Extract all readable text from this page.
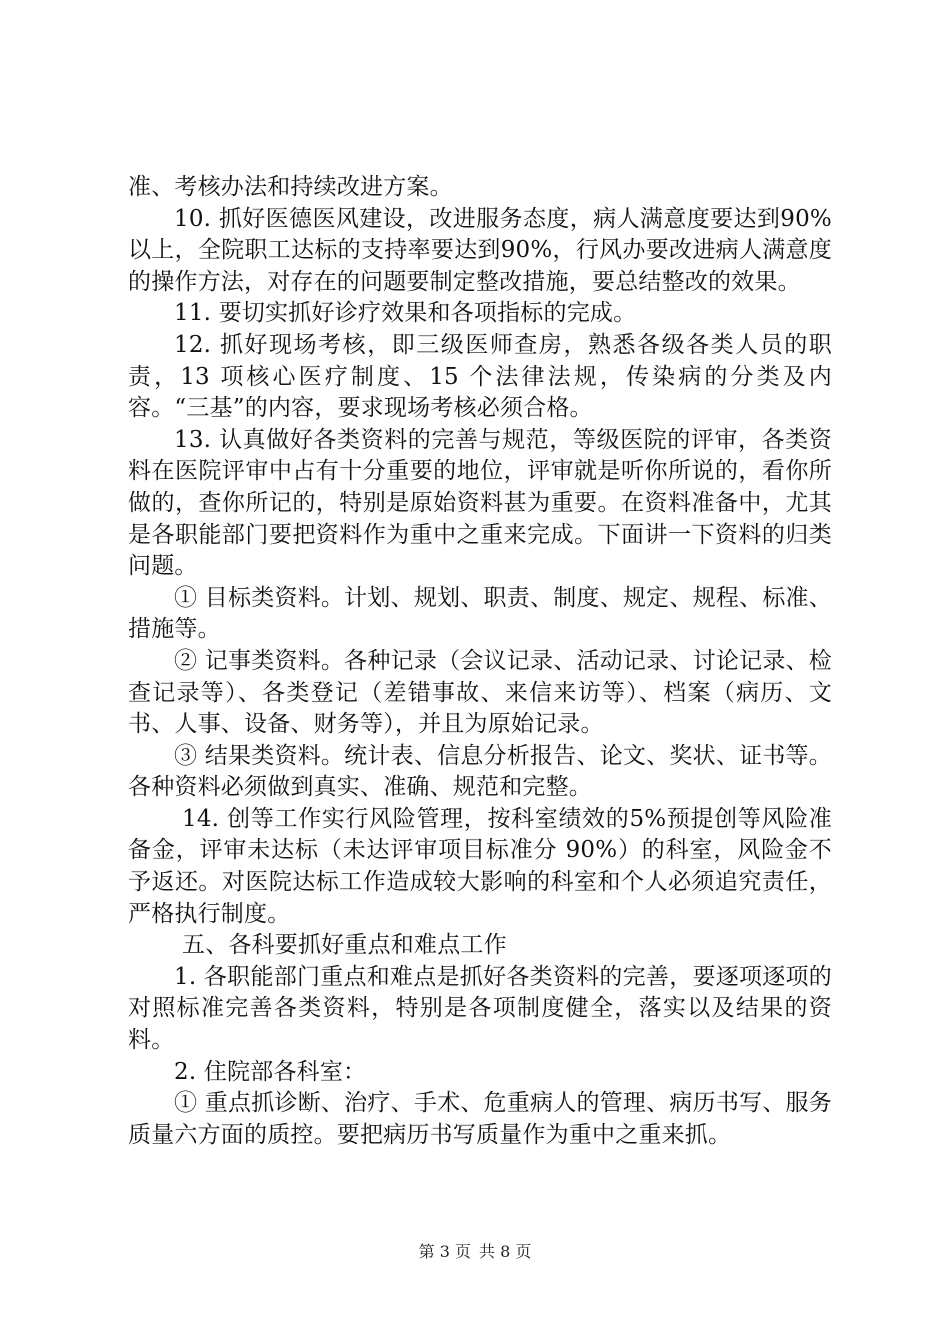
准、考核办法和持续改进方案。

10. 抓好医德医风建设，改进服务态度，病人满意度要达到90%以上，全院职工达标的支持率要达到90%，行风办要改进病人满意度的操作方法，对存在的问题要制定整改措施，要总结整改的效果。

11. 要切实抓好诊疗效果和各项指标的完成。

12. 抓好现场考核，即三级医师查房，熟悉各级各类人员的职责，13 项核心医疗制度、15 个法律法规，传染病的分类及内容。“三基”的内容，要求现场考核必须合格。

13. 认真做好各类资料的完善与规范，等级医院的评审，各类资料在医院评审中占有十分重要的地位，评审就是听你所说的，看你所做的，查你所记的，特别是原始资料甚为重要。在资料准备中，尤其是各职能部门要把资料作为重中之重来完成。下面讲一下资料的归类问题。

① 目标类资料。计划、规划、职责、制度、规定、规程、标准、措施等。

② 记事类资料。各种记录（会议记录、活动记录、讨论记录、检查记录等）、各类登记（差错事故、来信来访等）、档案（病历、文书、人事、设备、财务等），并且为原始记录。

③ 结果类资料。统计表、信息分析报告、论文、奖状、证书等。各种资料必须做到真实、准确、规范和完整。

14. 创等工作实行风险管理，按科室绩效的5%预提创等风险准备金，评审未达标（未达评审项目标准分 90%）的科室，风险金不予返还。对医院达标工作造成较大影响的科室和个人必须追究责任，严格执行制度。

五、各科要抓好重点和难点工作

1. 各职能部门重点和难点是抓好各类资料的完善，要逐项逐项的对照标准完善各类资料，特别是各项制度健全，落实以及结果的资料。

2. 住院部各科室：

① 重点抓诊断、治疗、手术、危重病人的管理、病历书写、服务质量六方面的质控。要把病历书写质量作为重中之重来抓。

第 3 页 共 8 页
